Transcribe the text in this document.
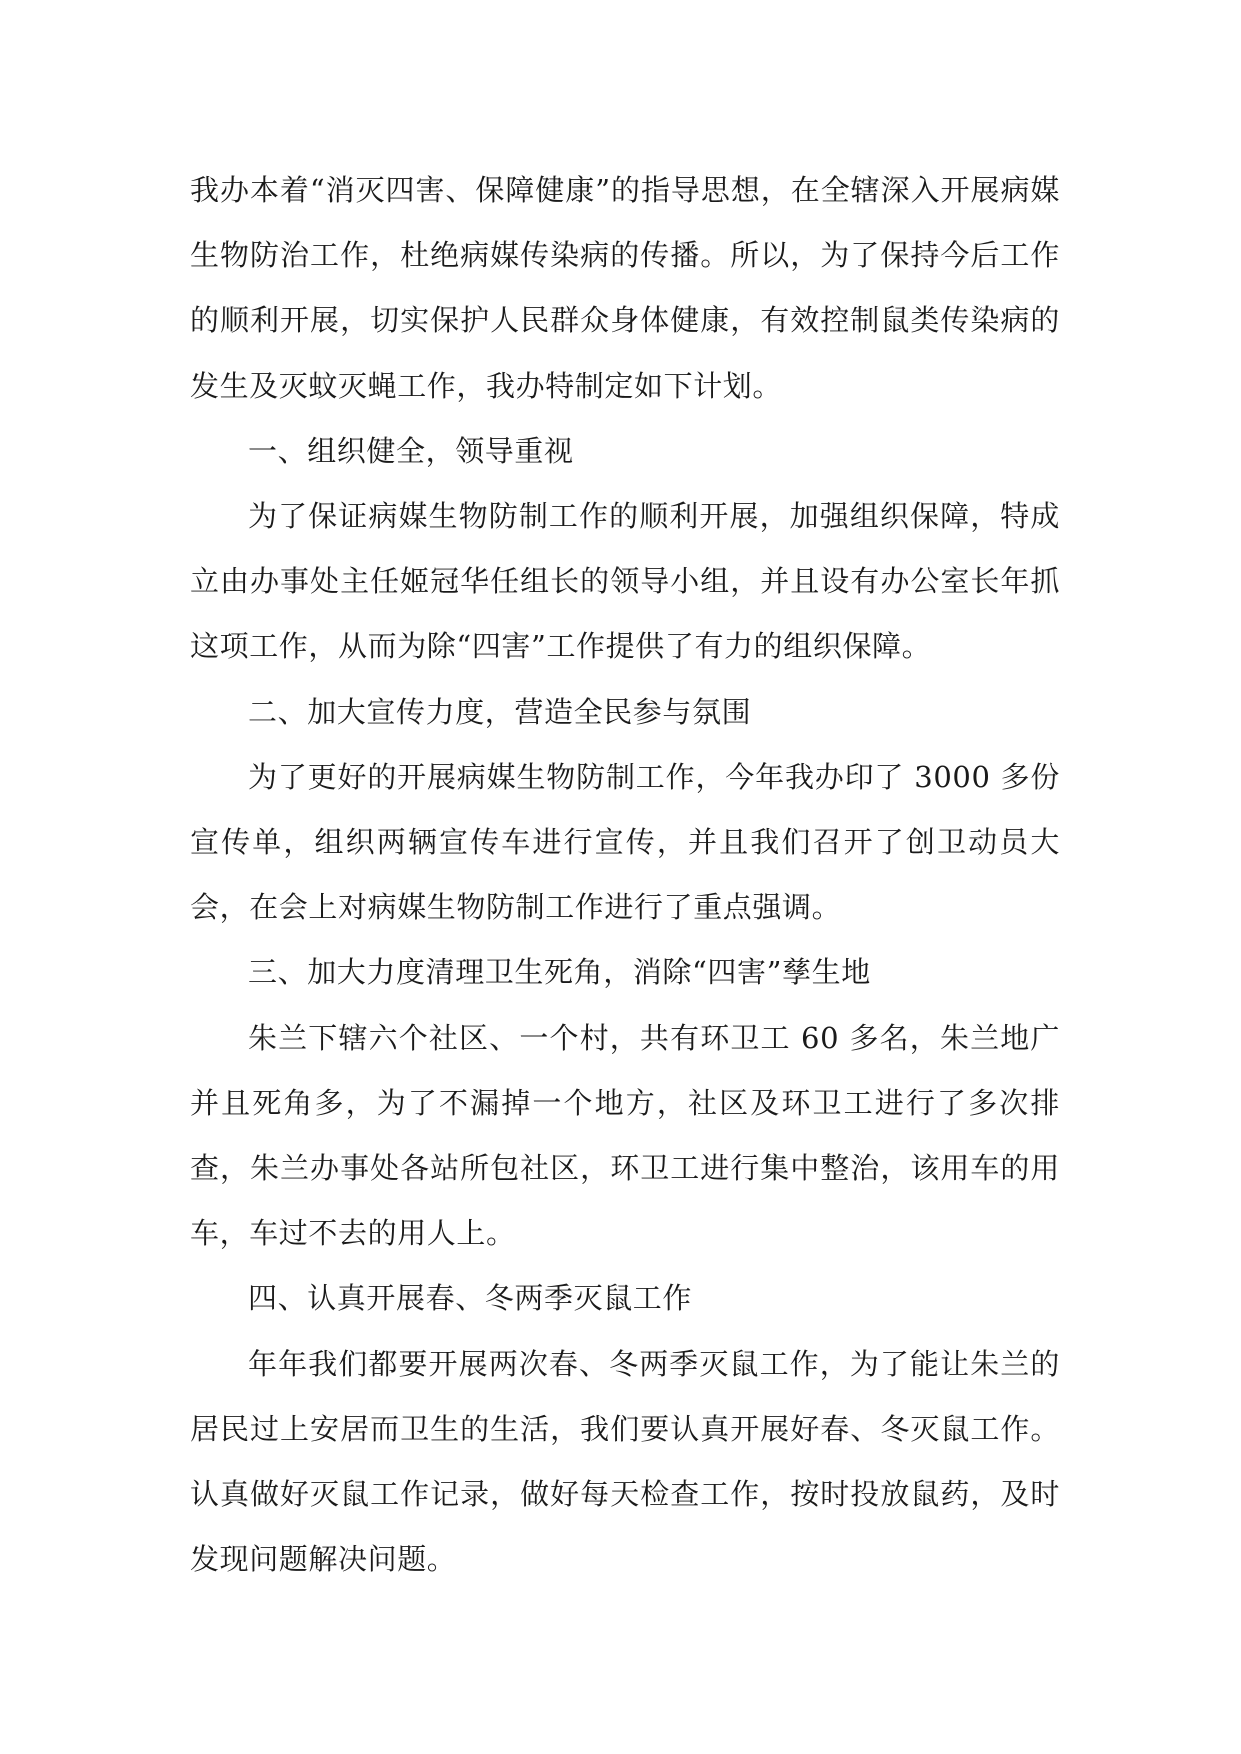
我办本着“消灭四害、保障健康”的指导思想，在全辖深入开展病媒生物防治工作，杜绝病媒传染病的传播。所以，为了保持今后工作的顺利开展，切实保护人民群众身体健康，有效控制鼠类传染病的发生及灭蚊灭蝇工作，我办特制定如下计划。

一、组织健全，领导重视

为了保证病媒生物防制工作的顺利开展，加强组织保障，特成立由办事处主任姬冠华任组长的领导小组，并且设有办公室长年抓这项工作，从而为除“四害”工作提供了有力的组织保障。

二、加大宣传力度，营造全民参与氛围

为了更好的开展病媒生物防制工作，今年我办印了 3000 多份宣传单，组织两辆宣传车进行宣传，并且我们召开了创卫动员大会，在会上对病媒生物防制工作进行了重点强调。

三、加大力度清理卫生死角，消除“四害”孳生地

朱兰下辖六个社区、一个村，共有环卫工 60 多名，朱兰地广并且死角多，为了不漏掉一个地方，社区及环卫工进行了多次排查，朱兰办事处各站所包社区，环卫工进行集中整治，该用车的用车，车过不去的用人上。

四、认真开展春、冬两季灭鼠工作

年年我们都要开展两次春、冬两季灭鼠工作，为了能让朱兰的居民过上安居而卫生的生活，我们要认真开展好春、冬灭鼠工作。认真做好灭鼠工作记录，做好每天检查工作，按时投放鼠药，及时发现问题解决问题。
